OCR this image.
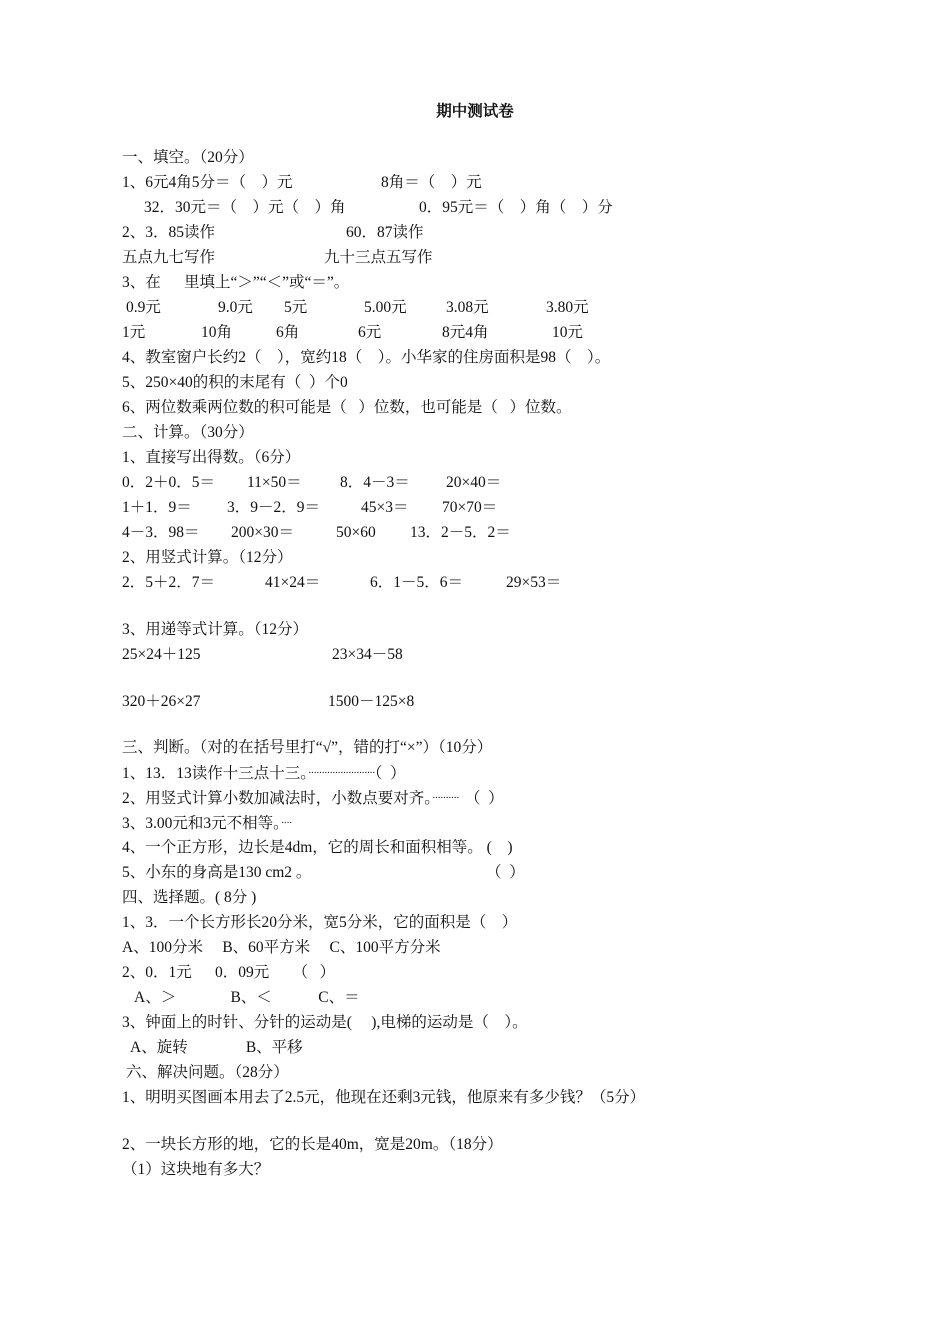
期中测试卷
一、填空。（20分）
1、6元4角5分＝（    ）元	8角＝（    ）元
32．30元＝（    ）元（    ）角	0．95元＝（    ）角（    ）分
2、3．85读作	60．87读作
五点九七写作	九十三点五写作
3、在      里填上“＞”“＜”或“＝”。
0.9元	9.0元 5元	5.00元	3.08元	3.80元
1元	10角	6角	6元	8元4角	10元
4、教室窗户长约2（    ），宽约18（    ）。小华家的住房面积是98（    ）。
5、250×40的积的末尾有（  ）个0
6、两位数乘两位数的积可能是（   ）位数，也可能是（   ）位数。
二、计算。（30分）
1、直接写出得数。（6分）
0．2＋0．5＝ 11×50＝ 8．4－3＝ 20×40＝
1＋1．9＝ 3．9－2．9＝	45×3＝ 70×70＝
4－3．98＝ 200×30＝	50×60 13．2－5．2＝
2、用竖式计算。（12分）
2．5＋2．7＝	41×24＝	6．1－5．6＝	29×53＝
3、用递等式计算。（12分）
25×24＋125	23×34－58
320＋26×27	1500－125×8
三、判断。（对的在括号里打“√”，错的打“×”）（10分）
1、13．13读作十三点十三。·························（  ）
2、用竖式计算小数加减法时，小数点要对齐。·········· （  ）
3、3.00元和3元不相等。····
4、一个正方形，边长是4dm，它的周长和面积相等。 (    )
5、小东的身高是130 cm2 。	（  ）
四、选择题。( 8分 )
1、3．一个长方形长20分米，宽5分米，它的面积是（    ）
A、100分米     B、60平方米     C、100平方分米
2、0．1元      0．09元      （   ）
A、＞              B、＜            C、＝
3、钟面上的时针、分针的运动是(     ),电梯的运动是（    ）。
A、旋转               B、平移
六、解决问题。（28分）
1、明明买图画本用去了2.5元，他现在还剩3元钱，他原来有多少钱？（5分）
2、一块长方形的地，它的长是40m，宽是20m。（18分）
（1）这块地有多大？
